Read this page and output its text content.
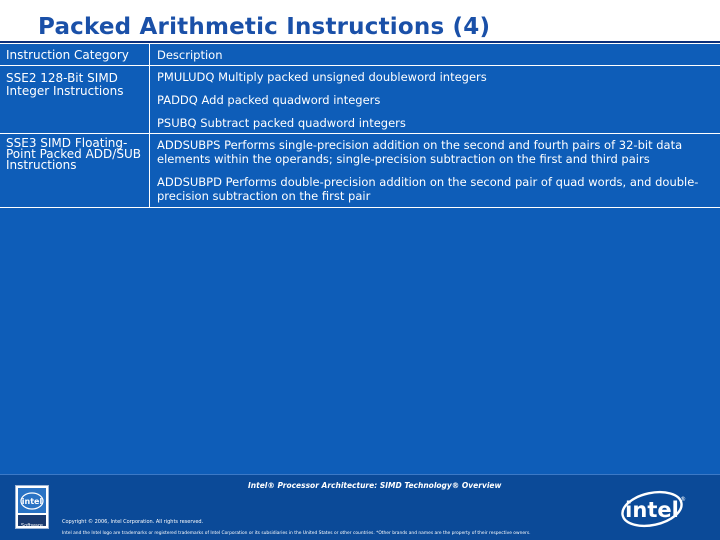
Packed Arithmetic Instructions (4)
Instruction Category Description
SSE2 128-Bit SIMD Integer Instructions
PMULUDQ Multiply packed unsigned doubleword integers
PADDQ Add packed quadword integers
PSUBQ Subtract packed quadword integers
SSE3 SIMD Floating-Point Packed ADD/SUB Instructions
ADDSUBPS Performs single-precision addition on the second and fourth pairs of 32-bit data elements within the operands; single-precision subtraction on the first and third pairs
ADDSUBPD Performs double-precision addition on the second pair of quad words, and double-precision subtraction on the first pair
Intel® Processor Architecture: SIMD Technology® Overview
intel
Software
intel ®
Copyright © 2006, Intel Corporation. All rights reserved.
Intel and the Intel logo are trademarks or registered trademarks of Intel Corporation or its subsidiaries in the United States or other countries. *Other brands and names are the property of their respective owners.
